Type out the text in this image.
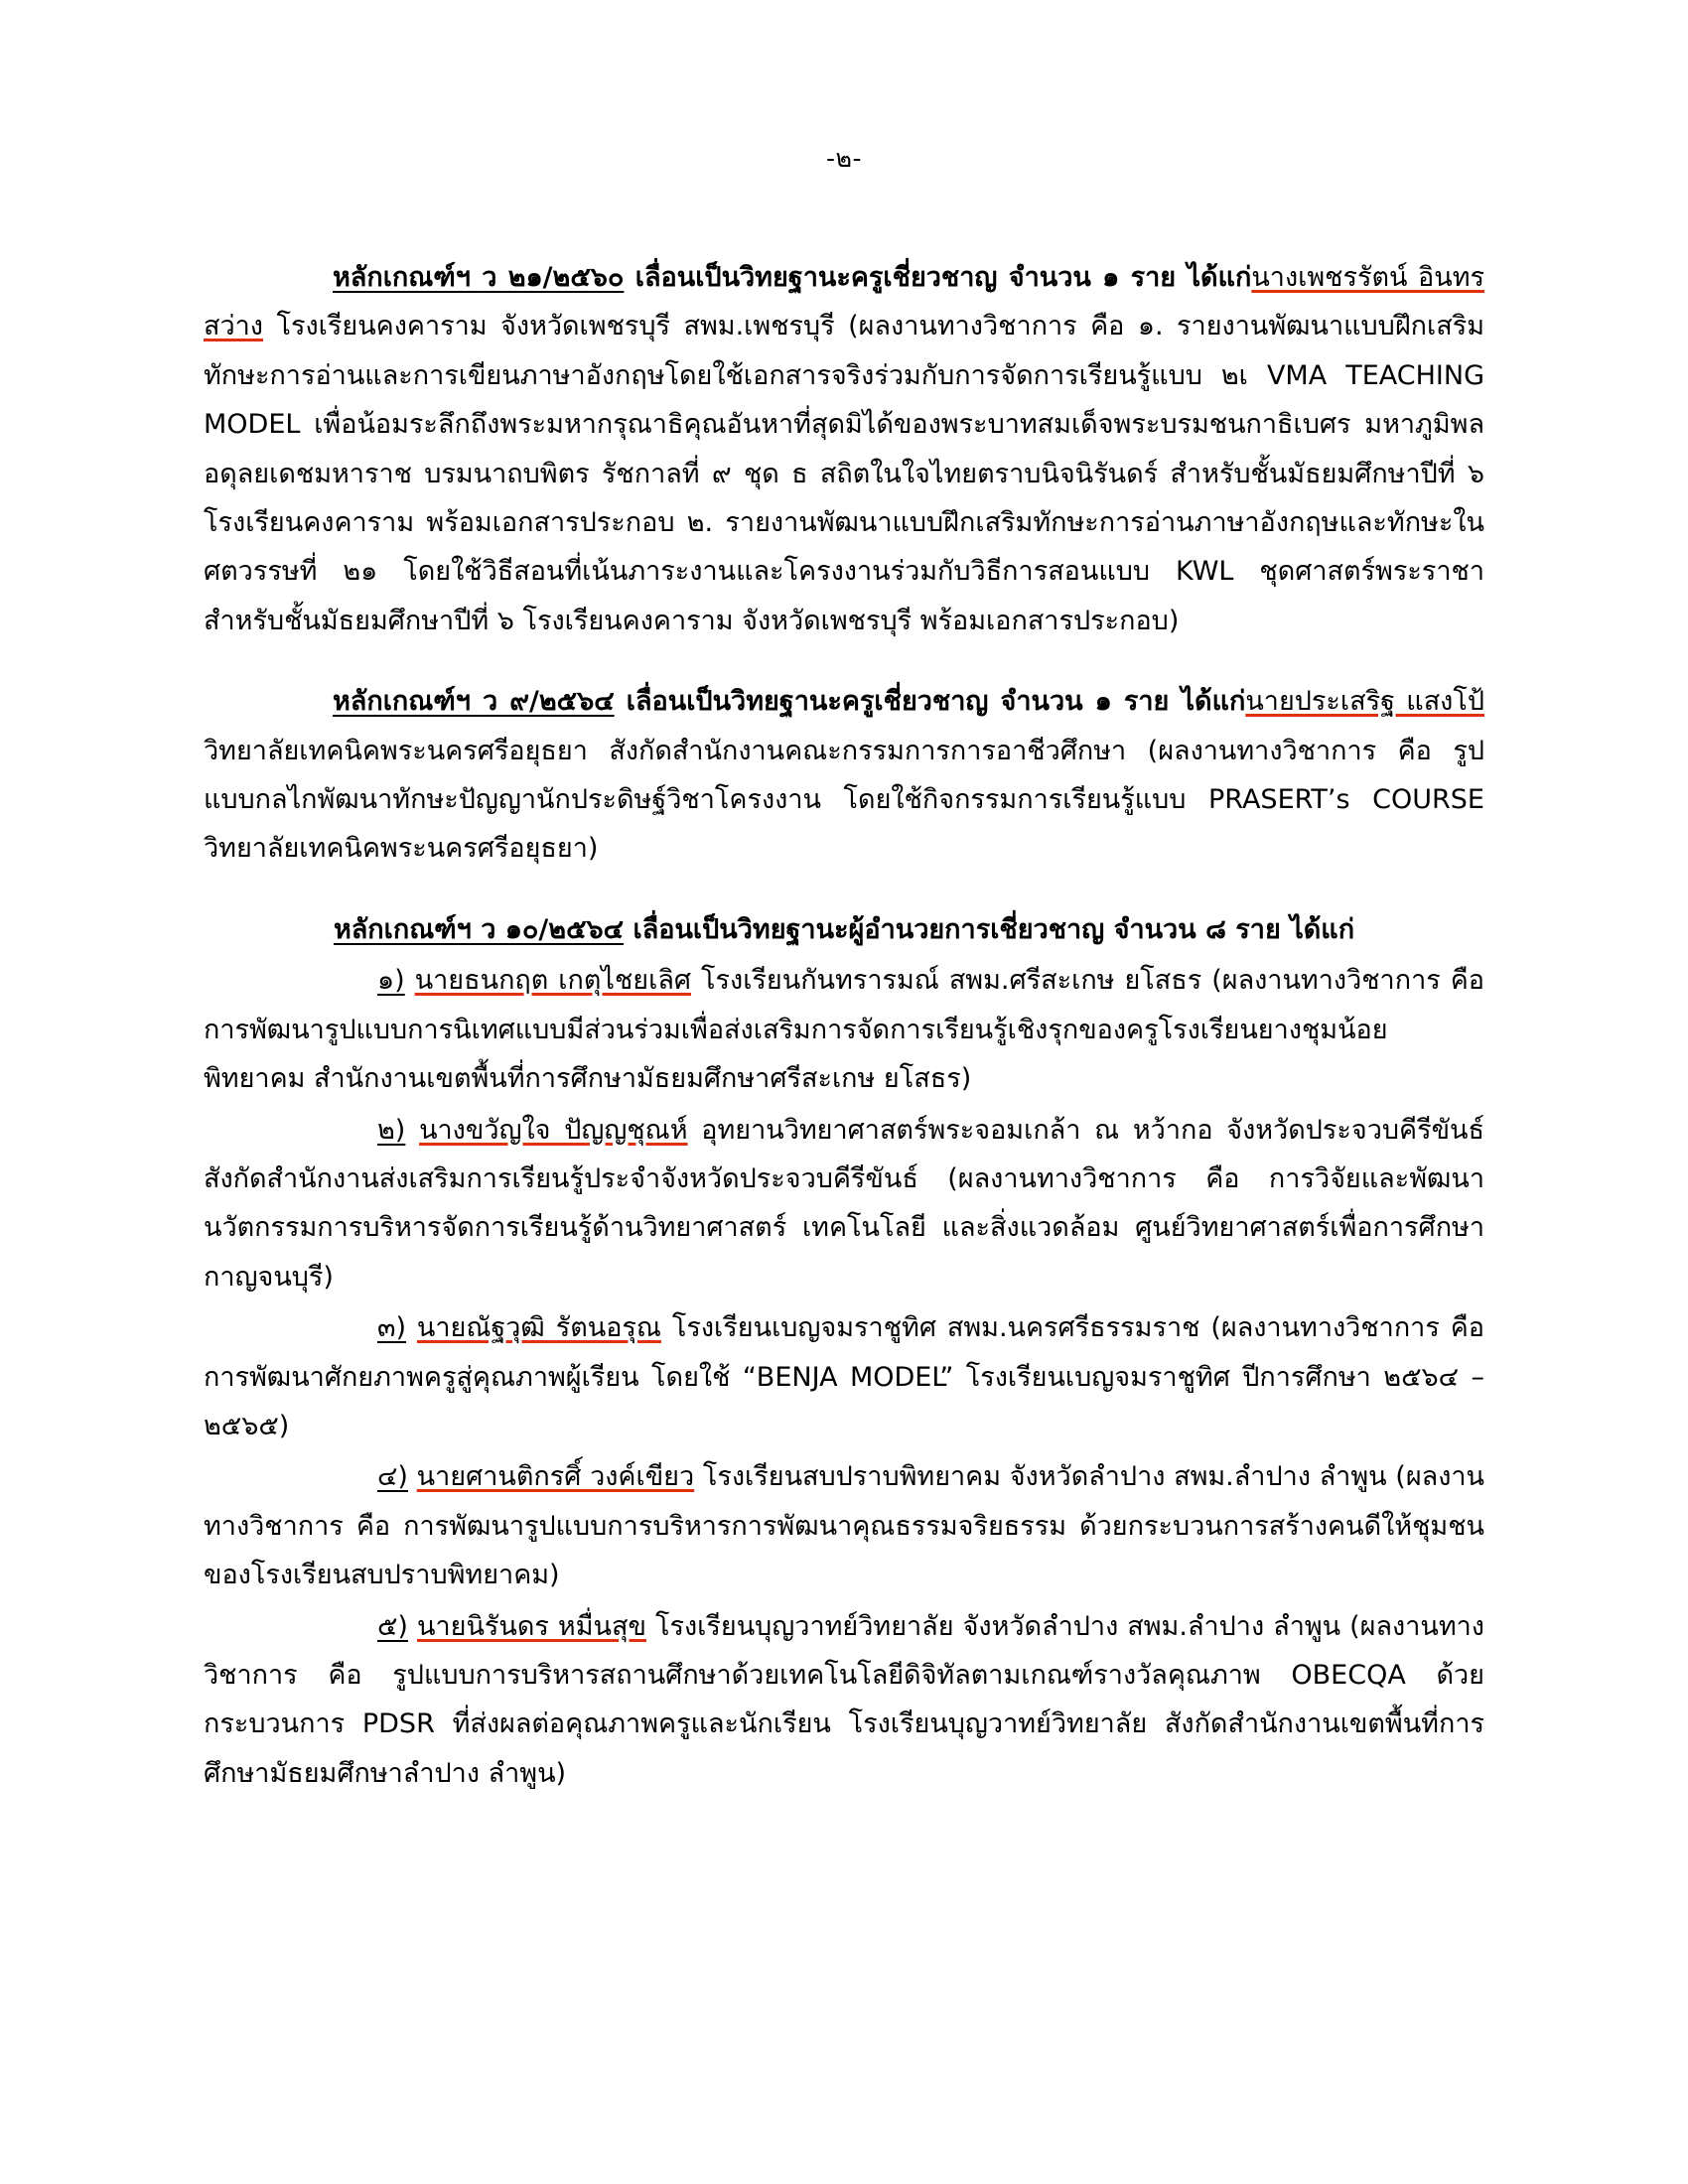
-๒-

หลักเกณฑ์ฯ ว ๒๑/๒๕๖๐ เลื่อนเป็นวิทยฐานะครูเชี่ยวชาญ จำนวน ๑ ราย ได้แก่นางเพชรรัตน์ อินทรสว่าง โรงเรียนคงคาราม จังหวัดเพชรบุรี สพม.เพชรบุรี (ผลงานทางวิชาการ คือ ๑. รายงานพัฒนาแบบฝึกเสริมทักษะการอ่านและการเขียนภาษาอังกฤษโดยใช้เอกสารจริงร่วมกับการจัดการเรียนรู้แบบ ๒เ VMA TEACHING MODEL เพื่อน้อมระลึกถึงพระมหากรุณาธิคุณอันหาที่สุดมิได้ของพระบาทสมเด็จพระบรมชนกาธิเบศร มหาภูมิพลอดุลยเดชมหาราช บรมนาถบพิตร รัชกาลที่ ๙ ชุด ธ สถิตในใจไทยตราบนิจนิรันดร์ สำหรับชั้นมัธยมศึกษาปีที่ ๖ โรงเรียนคงคาราม พร้อมเอกสารประกอบ ๒. รายงานพัฒนาแบบฝึกเสริมทักษะการอ่านภาษาอังกฤษและทักษะในศตวรรษที่ ๒๑ โดยใช้วิธีสอนที่เน้นภาระงานและโครงงานร่วมกับวิธีการสอนแบบ KWL ชุดศาสตร์พระราชา สำหรับชั้นมัธยมศึกษาปีที่ ๖ โรงเรียนคงคาราม จังหวัดเพชรบุรี พร้อมเอกสารประกอบ)

หลักเกณฑ์ฯ ว ๙/๒๕๖๔ เลื่อนเป็นวิทยฐานะครูเชี่ยวชาญ จำนวน ๑ ราย ได้แก่นายประเสริฐ แสงโป้ วิทยาลัยเทคนิคพระนครศรีอยุธยา สังกัดสำนักงานคณะกรรมการการอาชีวศึกษา (ผลงานทางวิชาการ คือ รูปแบบกลไกพัฒนาทักษะปัญญานักประดิษฐ์วิชาโครงงาน โดยใช้กิจกรรมการเรียนรู้แบบ PRASERT’s COURSE วิทยาลัยเทคนิคพระนครศรีอยุธยา)

หลักเกณฑ์ฯ ว ๑๐/๒๕๖๔ เลื่อนเป็นวิทยฐานะผู้อำนวยการเชี่ยวชาญ จำนวน ๘ ราย ได้แก่

๑) นายธนกฤต เกตุไชยเลิศ โรงเรียนกันทรารมณ์ สพม.ศรีสะเกษ ยโสธร (ผลงานทางวิชาการ คือ การพัฒนารูปแบบการนิเทศแบบมีส่วนร่วมเพื่อส่งเสริมการจัดการเรียนรู้เชิงรุกของครูโรงเรียนยางชุมน้อยพิทยาคม สำนักงานเขตพื้นที่การศึกษามัธยมศึกษาศรีสะเกษ ยโสธร)

๒) นางขวัญใจ ปัญญชุณห์ อุทยานวิทยาศาสตร์พระจอมเกล้า ณ หว้ากอ จังหวัดประจวบคีรีขันธ์ สังกัดสำนักงานส่งเสริมการเรียนรู้ประจำจังหวัดประจวบคีรีขันธ์ (ผลงานทางวิชาการ คือ การวิจัยและพัฒนานวัตกรรมการบริหารจัดการเรียนรู้ด้านวิทยาศาสตร์ เทคโนโลยี และสิ่งแวดล้อม ศูนย์วิทยาศาสตร์เพื่อการศึกษากาญจนบุรี)

๓) นายณัฐวุฒิ รัตนอรุณ โรงเรียนเบญจมราชูทิศ สพม.นครศรีธรรมราช (ผลงานทางวิชาการ คือ การพัฒนาศักยภาพครูสู่คุณภาพผู้เรียน โดยใช้ “BENJA MODEL” โรงเรียนเบญจมราชูทิศ ปีการศึกษา ๒๕๖๔ – ๒๕๖๕)

๔) นายศานติกรศิ์ วงค์เขียว โรงเรียนสบปราบพิทยาคม จังหวัดลำปาง สพม.ลำปาง ลำพูน (ผลงานทางวิชาการ คือ การพัฒนารูปแบบการบริหารการพัฒนาคุณธรรมจริยธรรม ด้วยกระบวนการสร้างคนดีให้ชุมชนของโรงเรียนสบปราบพิทยาคม)

๕) นายนิรันดร หมื่นสุข โรงเรียนบุญวาทย์วิทยาลัย จังหวัดลำปาง สพม.ลำปาง ลำพูน (ผลงานทางวิชาการ คือ รูปแบบการบริหารสถานศึกษาด้วยเทคโนโลยีดิจิทัลตามเกณฑ์รางวัลคุณภาพ OBECQA ด้วยกระบวนการ PDSR ที่ส่งผลต่อคุณภาพครูและนักเรียน โรงเรียนบุญวาทย์วิทยาลัย สังกัดสำนักงานเขตพื้นที่การศึกษามัธยมศึกษาลำปาง ลำพูน)
